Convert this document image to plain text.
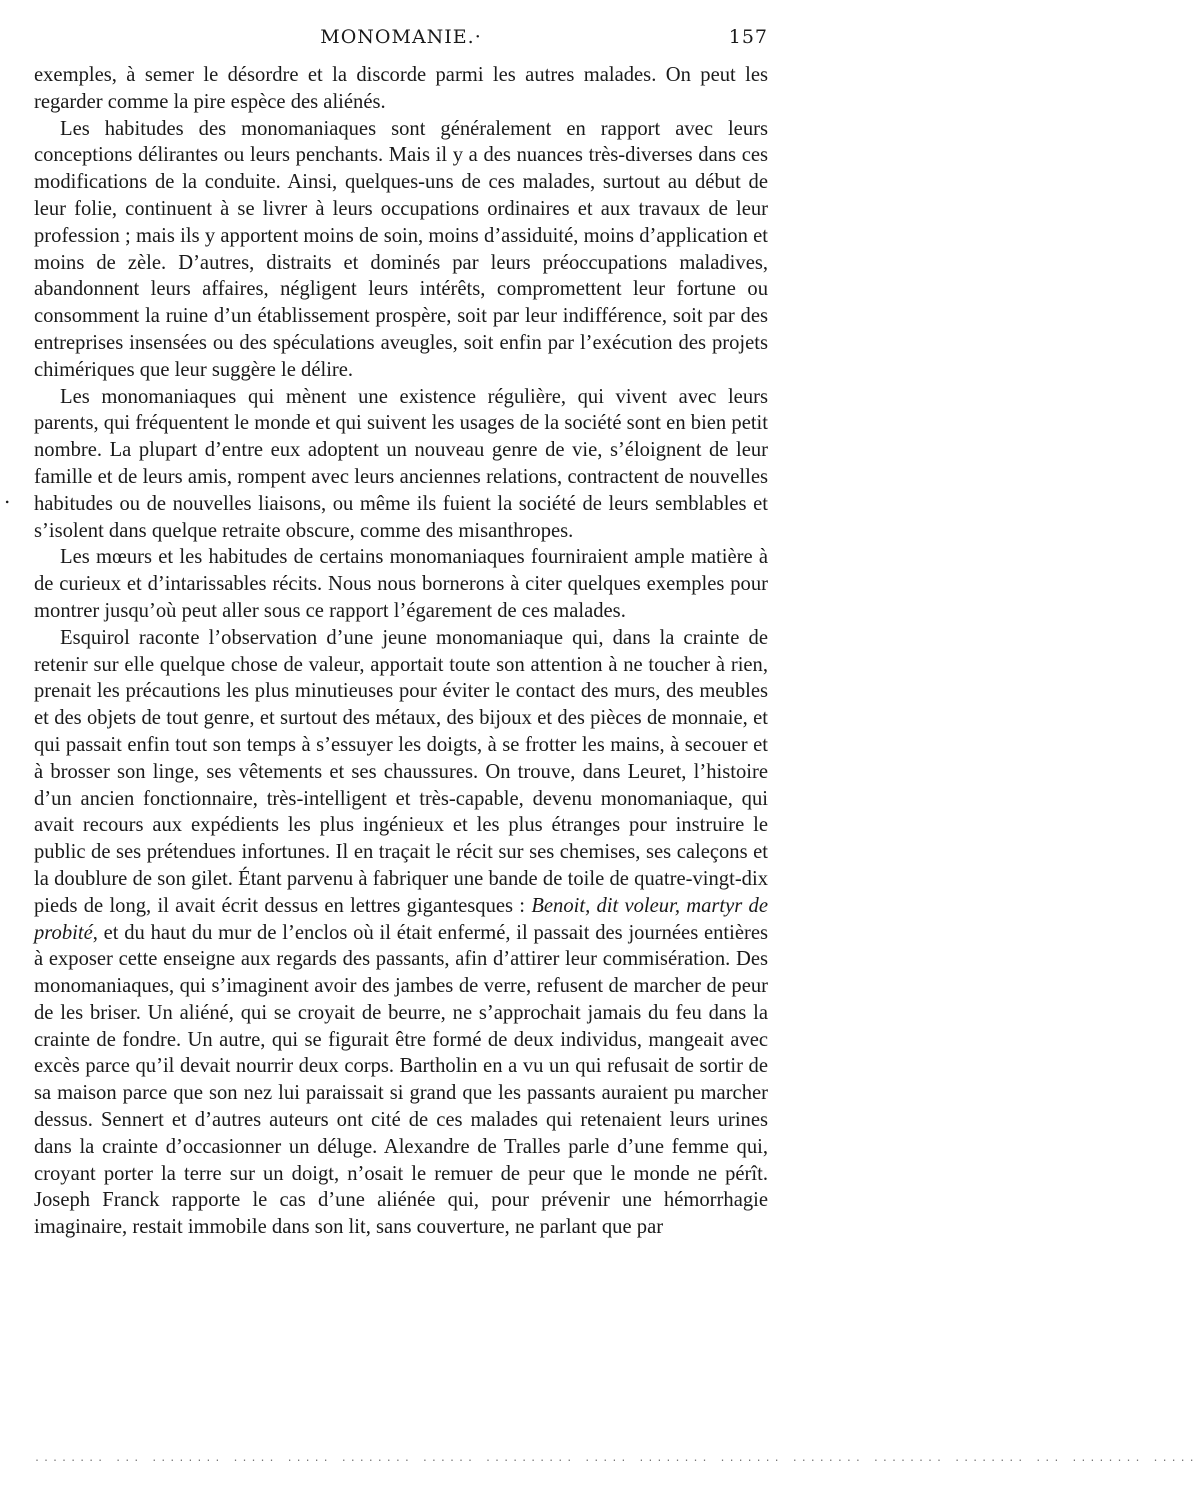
MONOMANIE.·	157
.

exemples, à semer le désordre et la discorde parmi les autres malades. On peut les regarder comme la pire espèce des aliénés.

Les habitudes des monomaniaques sont généralement en rapport avec leurs conceptions délirantes ou leurs penchants. Mais il y a des nuances très-diverses dans ces modifications de la conduite. Ainsi, quelques-uns de ces malades, surtout au début de leur folie, continuent à se livrer à leurs occupations ordinaires et aux travaux de leur profession ; mais ils y apportent moins de soin, moins d’assiduité, moins d’application et moins de zèle. D’autres, distraits et dominés par leurs préoccupations maladives, abandonnent leurs affaires, négligent leurs intérêts, compromettent leur fortune ou consomment la ruine d’un établissement prospère, soit par leur indifférence, soit par des entreprises insensées ou des spéculations aveugles, soit enfin par l’exécution des projets chimériques que leur suggère le délire.

Les monomaniaques qui mènent une existence régulière, qui vivent avec leurs parents, qui fréquentent le monde et qui suivent les usages de la société sont en bien petit nombre. La plupart d’entre eux adoptent un nouveau genre de vie, s’éloignent de leur famille et de leurs amis, rompent avec leurs anciennes relations, contractent de nouvelles habitudes ou de nouvelles liaisons, ou même ils fuient la société de leurs semblables et s’isolent dans quelque retraite obscure, comme des misanthropes.

Les mœurs et les habitudes de certains monomaniaques fourniraient ample matière à de curieux et d’intarissables récits. Nous nous bornerons à citer quelques exemples pour montrer jusqu’où peut aller sous ce rapport l’égarement de ces malades.

Esquirol raconte l’observation d’une jeune monomaniaque qui, dans la crainte de retenir sur elle quelque chose de valeur, apportait toute son attention à ne toucher à rien, prenait les précautions les plus minutieuses pour éviter le contact des murs, des meubles et des objets de tout genre, et surtout des métaux, des bijoux et des pièces de monnaie, et qui passait enfin tout son temps à s’essuyer les doigts, à se frotter les mains, à secouer et à brosser son linge, ses vêtements et ses chaussures. On trouve, dans Leuret, l’histoire d’un ancien fonctionnaire, très-intelligent et très-capable, devenu monomaniaque, qui avait recours aux expédients les plus ingénieux et les plus étranges pour instruire le public de ses prétendues infortunes. Il en traçait le récit sur ses chemises, ses caleçons et la doublure de son gilet. Étant parvenu à fabriquer une bande de toile de quatre-vingt-dix pieds de long, il avait écrit dessus en lettres gigantesques : Benoit, dit voleur, martyr de probité, et du haut du mur de l’enclos où il était enfermé, il passait des journées entières à exposer cette enseigne aux regards des passants, afin d’attirer leur commisération. Des monomaniaques, qui s’imaginent avoir des jambes de verre, refusent de marcher de peur de les briser. Un aliéné, qui se croyait de beurre, ne s’approchait jamais du feu dans la crainte de fondre. Un autre, qui se figurait être formé de deux individus, mangeait avec excès parce qu’il devait nourrir deux corps. Bartholin en a vu un qui refusait de sortir de sa maison parce que son nez lui paraissait si grand que les passants auraient pu marcher dessus. Sennert et d’autres auteurs ont cité de ces malades qui retenaient leurs urines dans la crainte d’occasionner un déluge. Alexandre de Tralles parle d’une femme qui, croyant porter la terre sur un doigt, n’osait le remuer de peur que le monde ne pérît. Joseph Franck rapporte le cas d’une aliénée qui, pour prévenir une hémorrhagie imaginaire, restait immobile dans son lit, sans couverture, ne parlant que par

........ ... ........ ..... ..... ........ ...... .......... ..... ........ ....... ........ ........ ........ ... ........ .....
